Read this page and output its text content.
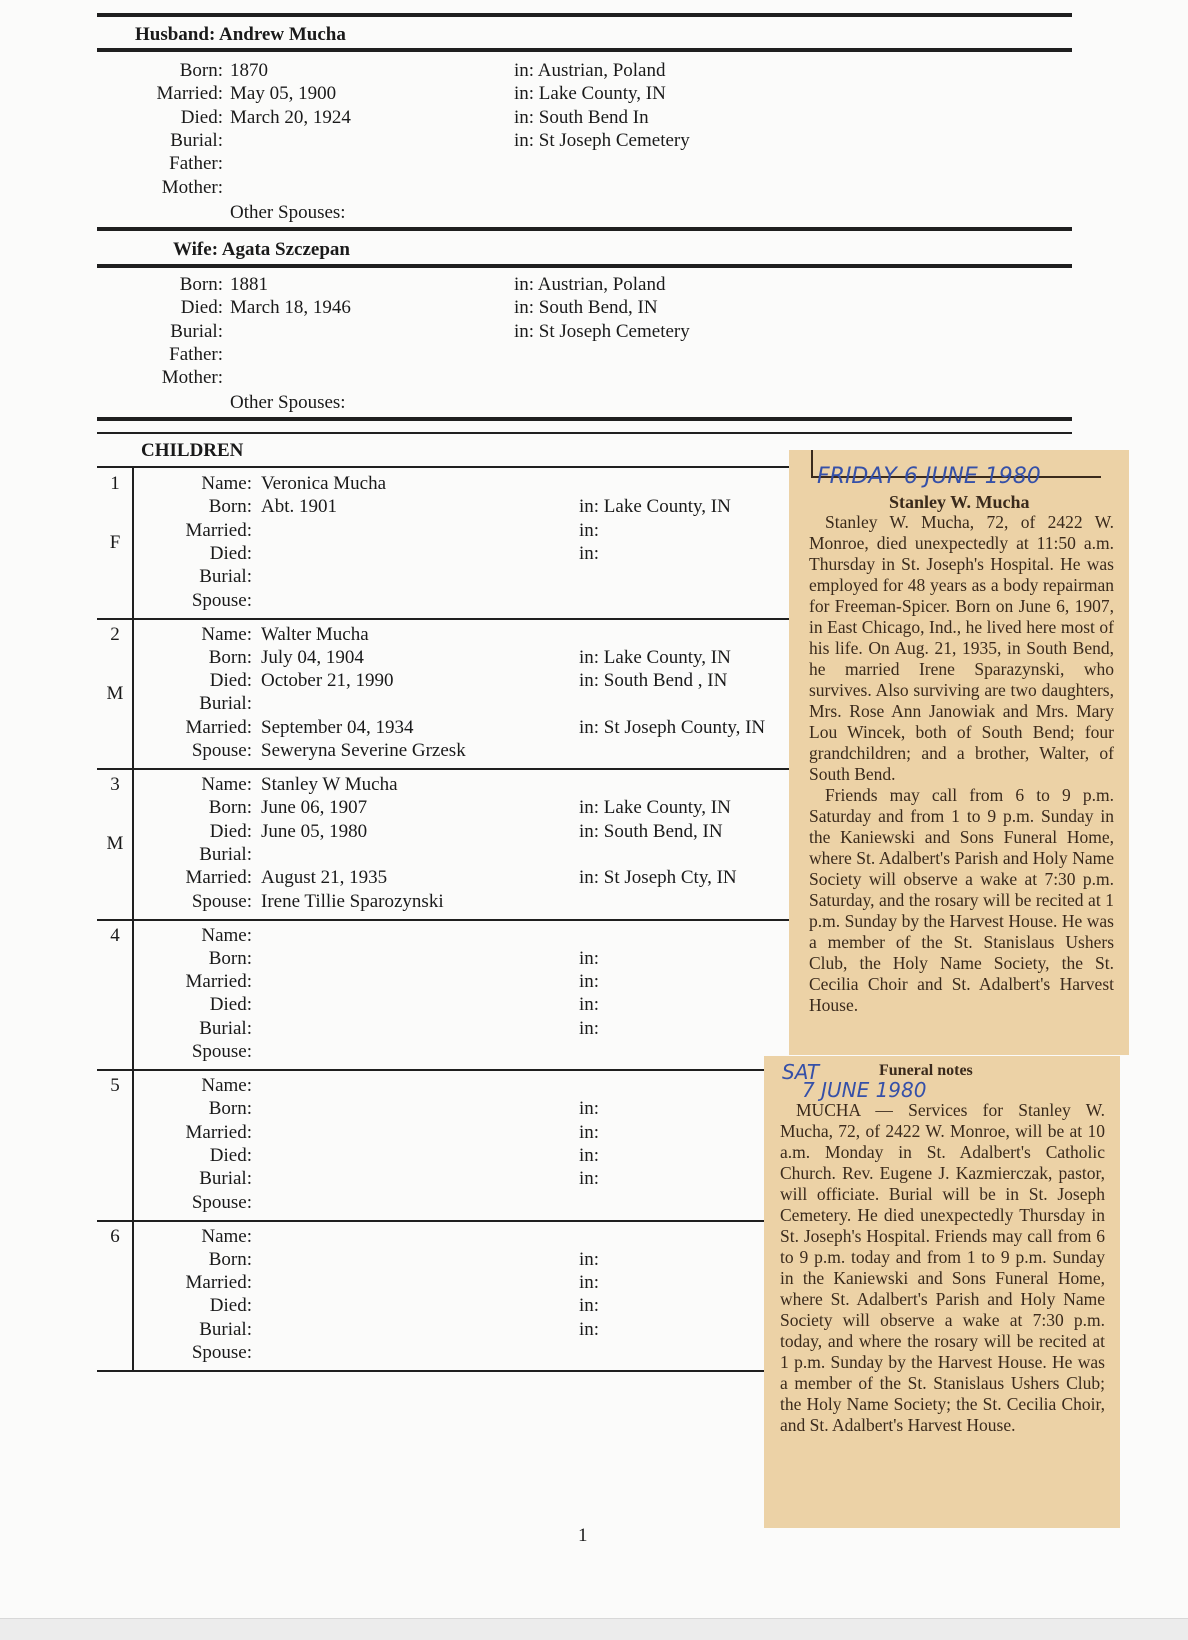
Husband: Andrew Mucha
Born: 1870	in: Austrian, Poland
Married: May 05, 1900	in: Lake County, IN
Died: March 20, 1924	in: South Bend In
Burial:	in: St Joseph Cemetery
Father:
Mother:
Other Spouses:
Wife: Agata Szczepan
Born: 1881	in: Austrian, Poland
Died: March 18, 1946	in: South Bend, IN
Burial:	in: St Joseph Cemetery
Father:
Mother:
Other Spouses:
CHILDREN
1
F
Name: Veronica Mucha
Born: Abt. 1901	in: Lake County, IN
Married:	in:
Died:	in:
Burial:
Spouse:
2
M
Name: Walter Mucha
Born: July 04, 1904	in: Lake County, IN
Died: October 21, 1990	in: South Bend , IN
Burial:
Married: September 04, 1934	in: St Joseph County, IN
Spouse: Seweryna Severine Grzesk
3
M
Name: Stanley W Mucha
Born: June 06, 1907	in: Lake County, IN
Died: June 05, 1980	in: South Bend, IN
Burial:
Married: August 21, 1935	in: St Joseph Cty, IN
Spouse: Irene Tillie Sparozynski
4	Name:
Born:	in:
Married:	in:
Died:	in:
Burial:	in:
Spouse:
5	Name:
Born:	in:
Married:	in:
Died:	in:
Burial:	in:
Spouse:
6	Name:
Born:	in:
Married:	in:
Died:	in:
Burial:	in:
Spouse:
FRIDAY 6 JUNE 1980
Stanley W. Mucha

Stanley W. Mucha, 72, of 2422 W. Monroe, died unexpectedly at 11:50 a.m. Thursday in St. Joseph's Hospital. He was employed for 48 years as a body repairman for Freeman-Spicer. Born on June 6, 1907, in East Chicago, Ind., he lived here most of his life. On Aug. 21, 1935, in South Bend, he married Irene Sparazynski, who survives. Also surviving are two daughters, Mrs. Rose Ann Janowiak and Mrs. Mary Lou Wincek, both of South Bend; four grandchildren; and a brother, Walter, of South Bend.

Friends may call from 6 to 9 p.m. Saturday and from 1 to 9 p.m. Sunday in the Kaniewski and Sons Funeral Home, where St. Adalbert's Parish and Holy Name Society will observe a wake at 7:30 p.m. Saturday, and the rosary will be recited at 1 p.m. Sunday by the Harvest House. He was a member of the St. Stanislaus Ushers Club, the Holy Name Society, the St. Cecilia Choir and St. Adalbert's Harvest House.

SAT
7 JUNE 1980
Funeral notes

MUCHA — Services for Stanley W. Mucha, 72, of 2422 W. Monroe, will be at 10 a.m. Monday in St. Adalbert's Catholic Church. Rev. Eugene J. Kazmierczak, pastor, will officiate. Burial will be in St. Joseph Cemetery. He died unexpectedly Thursday in St. Joseph's Hospital. Friends may call from 6 to 9 p.m. today and from 1 to 9 p.m. Sunday in the Kaniewski and Sons Funeral Home, where St. Adalbert's Parish and Holy Name Society will observe a wake at 7:30 p.m. today, and where the rosary will be recited at 1 p.m. Sunday by the Harvest House. He was a member of the St. Stanislaus Ushers Club; the Holy Name Society; the St. Cecilia Choir, and St. Adalbert's Harvest House.

1
